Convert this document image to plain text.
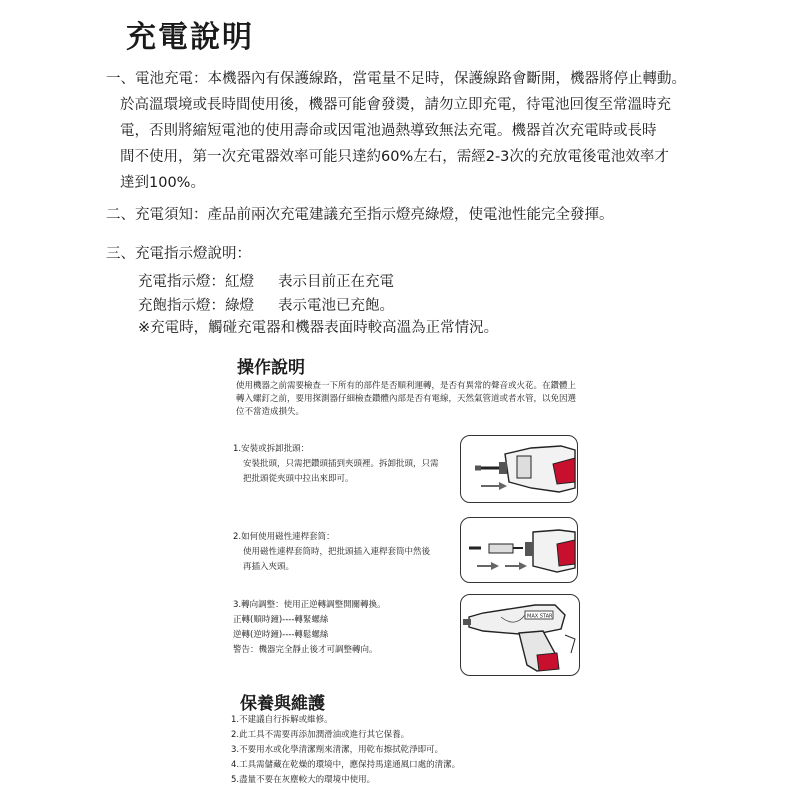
充電說明
一、電池充電：本機器內有保護線路，當電量不足時，保護線路會斷開，機器將停止轉動。
於高溫環境或長時間使用後，機器可能會發燙，請勿立即充電，待電池回復至常溫時充
電，否則將縮短電池的使用壽命或因電池過熱導致無法充電。機器首次充電時或長時
間不使用，第一次充電器效率可能只達約60%左右，需經2-3次的充放電後電池效率才
達到100%。
二、充電須知：產品前兩次充電建議充至指示燈亮綠燈，使電池性能完全發揮。
三、充電指示燈說明：
充電指示燈：紅燈 表示目前正在充電
充飽指示燈：綠燈 表示電池已充飽。
※充電時，觸碰充電器和機器表面時較高溫為正常情況。
操作說明
使用機器之前需要檢查一下所有的部件是否順利運轉，是否有異常的聲音或火花。在鑽體上轉入螺釘之前，要用探測器仔細檢查鑽體內部是否有電線，天然氣管道或者水管，以免因選位不當造成損失。
1.安裝或拆卸批頭：
安裝批頭，只需把鑽頭插到夾頭裡。拆卸批頭，只需
把批頭從夾頭中拉出來即可。
2.如何使用磁性連桿套筒：
使用磁性連桿套筒時，把批頭插入連桿套筒中然後
再插入夾頭。
3.轉向調整：使用正逆轉調整開關轉換。
正轉(順時鐘)----轉緊螺絲
逆轉(逆時鐘)----轉鬆螺絲
警告：機器完全靜止後才可調整轉向。
MAX STAR
保養與維護
1.不建議自行拆解或維修。
2.此工具不需要再添加潤滑油或進行其它保養。
3.不要用水或化學清潔劑來清潔，用乾布擦拭乾淨即可。
4.工具需儲藏在乾燥的環境中，應保持馬達通風口處的清潔。
5.盡量不要在灰塵較大的環境中使用。
